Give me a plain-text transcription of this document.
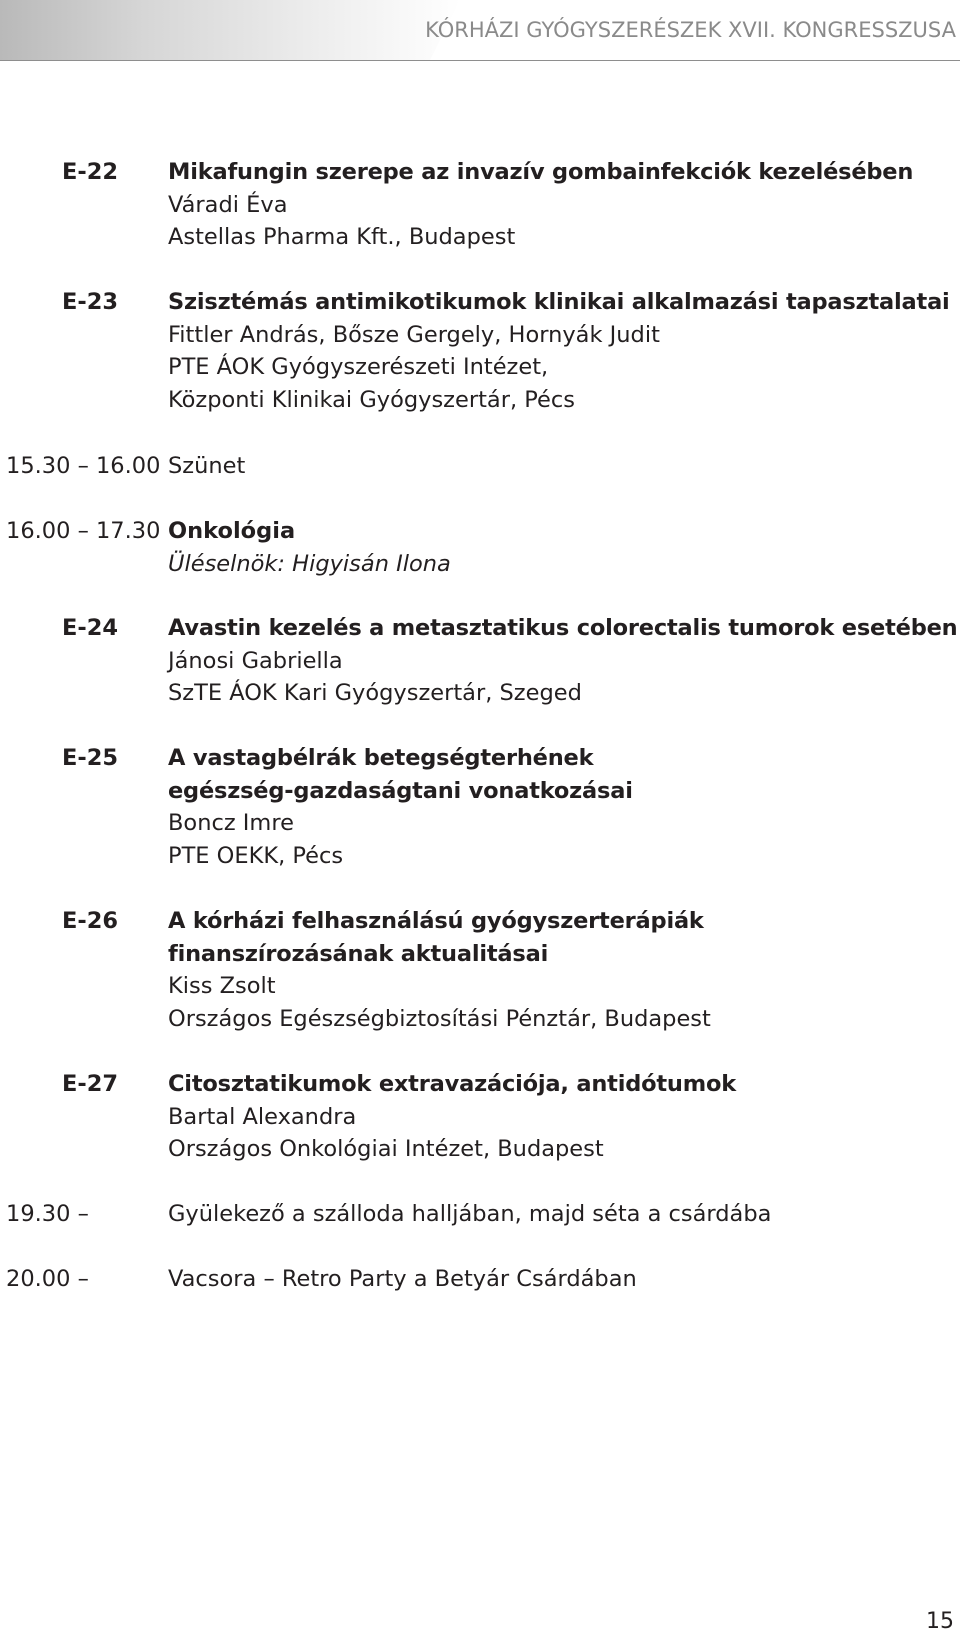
KÓRHÁZI GYÓGYSZERÉSZEK XVII. KONGRESSZUSA
E-22 Mikafungin szerepe az invazív gombainfekciók kezelésében
Váradi Éva
Astellas Pharma Kft., Budapest
E-23 Szisztémás antimikotikumok klinikai alkalmazási tapasztalatai
Fittler András, Bősze Gergely, Hornyák Judit
PTE ÁOK Gyógyszerészeti Intézet,
Központi Klinikai Gyógyszertár, Pécs
15.30 – 16.00 Szünet
16.00 – 17.30 Onkológia
Üléselnök: Higyisán Ilona
E-24 Avastin kezelés a metasztatikus colorectalis tumorok esetében
Jánosi Gabriella
SzTE ÁOK Kari Gyógyszertár, Szeged
E-25 A vastagbélrák betegségterhének
egészség-gazdaságtani vonatkozásai
Boncz Imre
PTE OEKK, Pécs
E-26 A kórházi felhasználású gyógyszerterápiák
finanszírozásának aktualitásai
Kiss Zsolt
Országos Egészségbiztosítási Pénztár, Budapest
E-27 Citosztatikumok extravazációja, antidótumok
Bartal Alexandra
Országos Onkológiai Intézet, Budapest
19.30 –	Gyülekező a szálloda halljában, majd séta a csárdába
20.00 –	Vacsora – Retro Party a Betyár Csárdában
15
